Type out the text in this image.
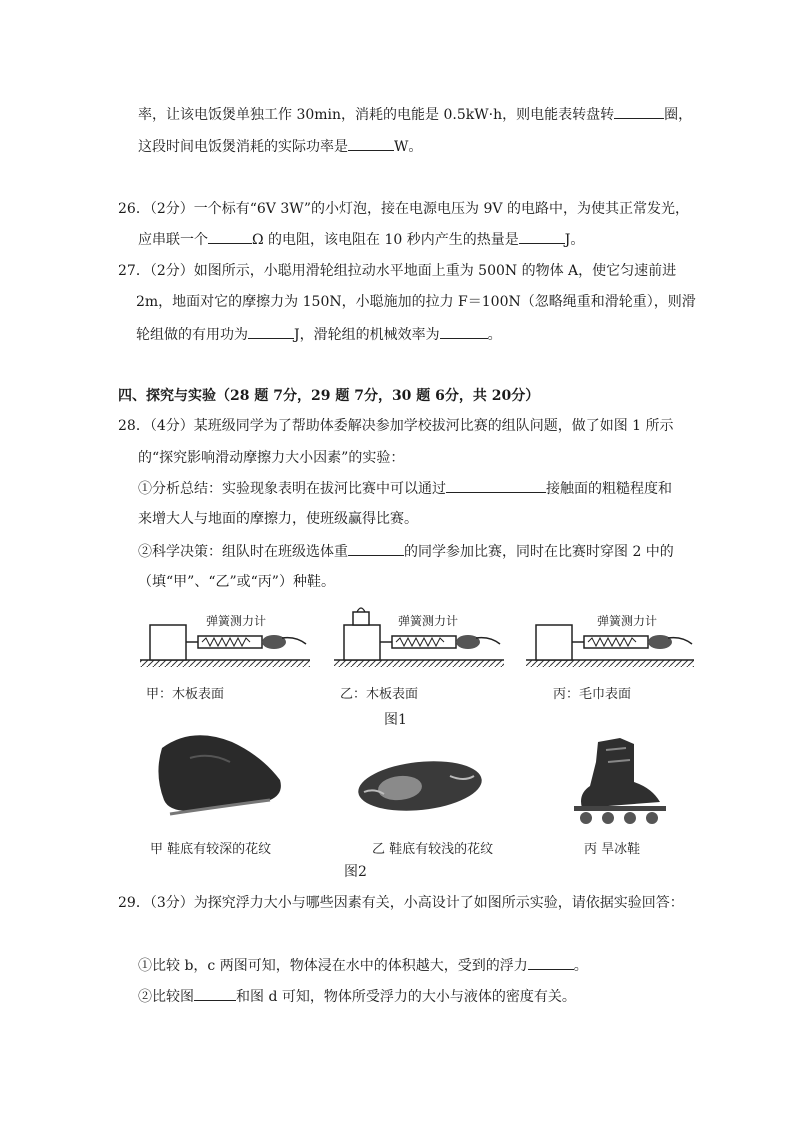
率，让该电饭煲单独工作 30min，消耗的电能是 0.5kW·h，则电能表转盘转	圈，
这段时间电饭煲消耗的实际功率是	W。
26．（2分）一个标有“6V 3W”的小灯泡，接在电源电压为 9V 的电路中，为使其正常发光，
应串联一个	Ω 的电阻，该电阻在 10 秒内产生的热量是	J。
27．（2分）如图所示，小聪用滑轮组拉动水平地面上重为 500N 的物体 A，使它匀速前进
2m，地面对它的摩擦力为 150N，小聪施加的拉力 F＝100N（忽略绳重和滑轮重），则滑
轮组做的有用功为	J，滑轮组的机械效率为	。
四、探究与实验（28 题 7分，29 题 7分，30 题 6分，共 20分）
28．（4分）某班级同学为了帮助体委解决参加学校拔河比赛的组队问题，做了如图 1 所示
的“探究影响滑动摩擦力大小因素”的实验：
①分析总结：实验现象表明在拔河比赛中可以通过	接触面的粗糙程度和
来增大人与地面的摩擦力，使班级赢得比赛。
②科学决策：组队时在班级选体重	的同学参加比赛，同时在比赛时穿图 2 中的
（填“甲”、“乙”或“丙”）种鞋。
弹簧测力计	弹簧测力计	弹簧测力计
甲：木板表面	乙：木板表面	丙：毛巾表面
图1
甲 鞋底有较深的花纹	乙 鞋底有较浅的花纹	丙 旱冰鞋
图2
29．（3分）为探究浮力大小与哪些因素有关，小高设计了如图所示实验，请依据实验回答：
①比较 b，c 两图可知，物体浸在水中的体积越大，受到的浮力	。
②比较图	和图 d 可知，物体所受浮力的大小与液体的密度有关。
